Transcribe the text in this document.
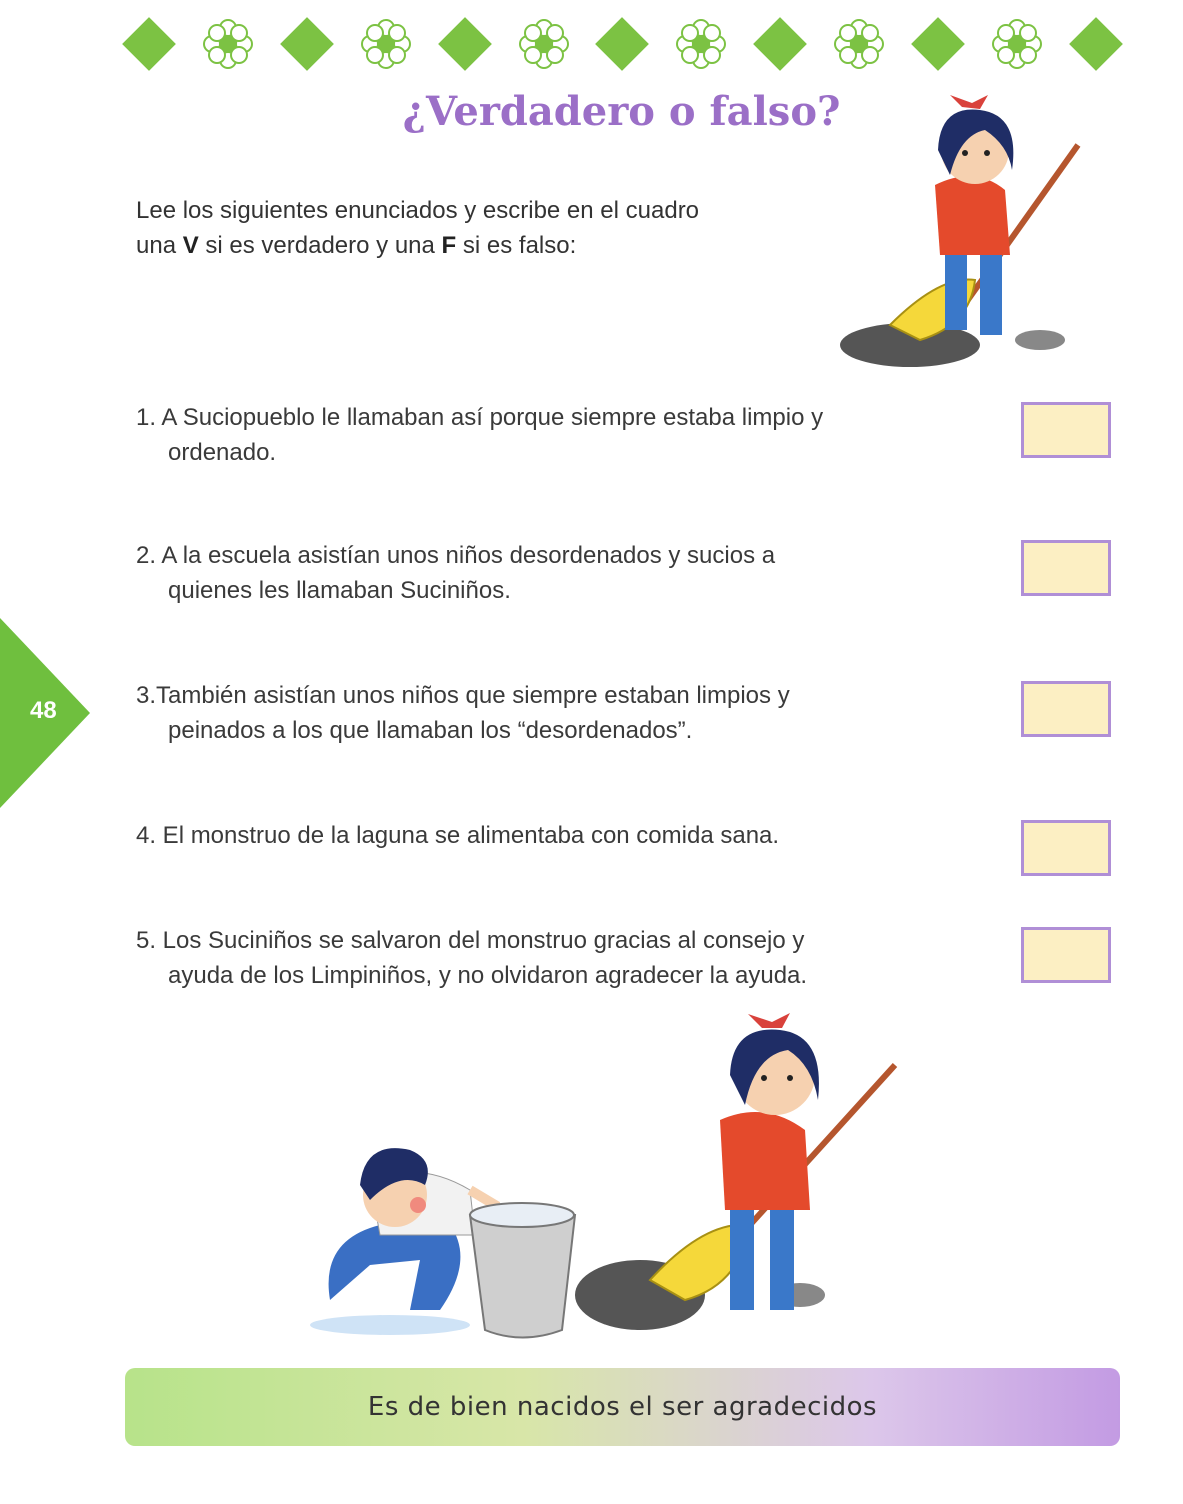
¿Verdadero o falso?
Lee los siguientes enunciados y escribe en el cuadro
una V si es verdadero y una F si es falso:
1. A Suciopueblo le llamaban así porque siempre estaba limpio y
ordenado.
2. A la escuela asistían unos niños desordenados y sucios a
quienes les llamaban Suciniños.
3.También asistían unos niños que siempre estaban limpios y
peinados a los que llamaban los “desordenados”.
4. El monstruo de la laguna se alimentaba con comida sana.
5. Los Suciniños se salvaron del monstruo gracias al consejo y
ayuda de los Limpiniños, y no olvidaron agradecer la ayuda.
48
Es de bien nacidos el ser agradecidos
